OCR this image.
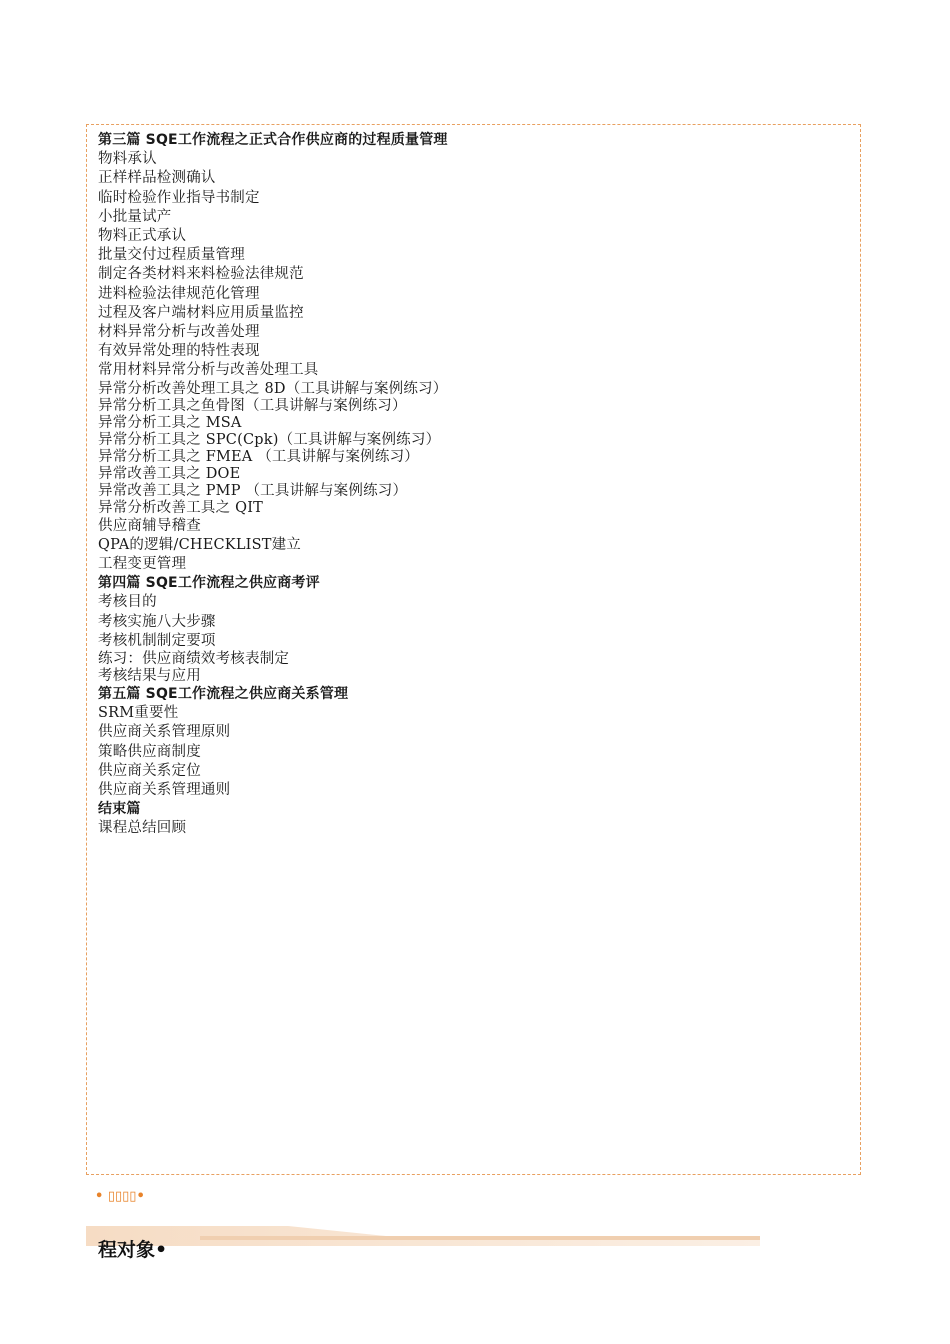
第三篇 SQE工作流程之正式合作供应商的过程质量管理
物料承认
正样样品检测确认
临时检验作业指导书制定
小批量试产
物料正式承认
批量交付过程质量管理
制定各类材料来料检验法律规范
进料检验法律规范化管理
过程及客户端材料应用质量监控
材料异常分析与改善处理
有效异常处理的特性表现
常用材料异常分析与改善处理工具
异常分析改善处理工具之 8D（工具讲解与案例练习）
异常分析工具之鱼骨图（工具讲解与案例练习）
异常分析工具之 MSA
异常分析工具之 SPC(Cpk)（工具讲解与案例练习）
异常分析工具之 FMEA （工具讲解与案例练习）
异常改善工具之 DOE
异常改善工具之 PMP （工具讲解与案例练习）
异常分析改善工具之 QIT
供应商辅导稽查
QPA的逻辑/CHECKLIST建立
工程变更管理
第四篇 SQE工作流程之供应商考评
考核目的
考核实施八大步骤
考核机制制定要项
练习：供应商绩效考核表制定
考核结果与应用
第五篇 SQE工作流程之供应商关系管理
SRM重要性
供应商关系管理原则
策略供应商制度
供应商关系定位
供应商关系管理通则
结束篇
课程总结回顾
• ▯▯▯▯•
程对象•
